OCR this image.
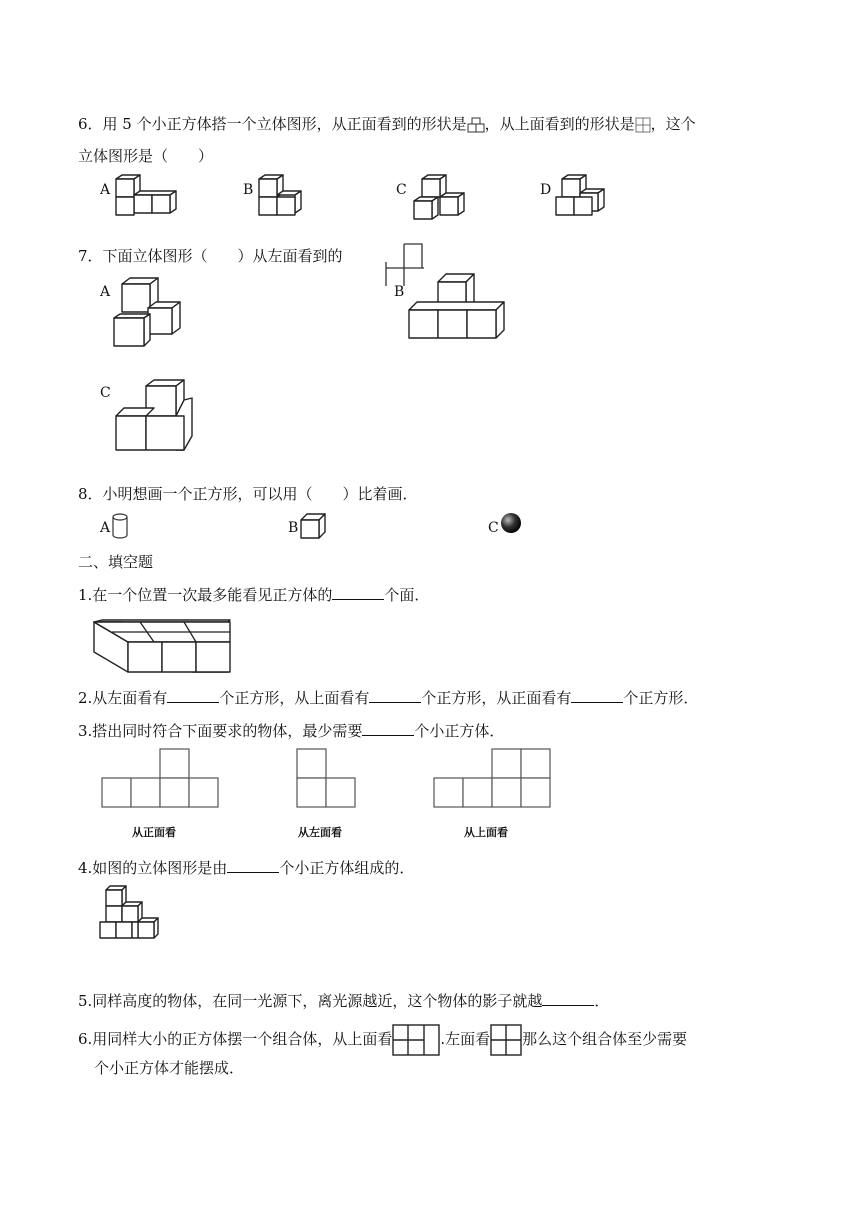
6．用 5 个小正方体搭一个立体图形，从正面看到的形状是 ，从上面看到的形状是 ，这个
立体图形是（　　）
A	B	C	D
7．下面立体图形（　　）从左面看到的
A	B
C
8．小明想画一个正方形，可以用（　　）比着画．
A	B	C
二、填空题
1.在一个位置一次最多能看见正方体的	个面．
2.从左面看有	个正方形，从上面看有	个正方形，从正面看有	个正方形．
3.搭出同时符合下面要求的物体，最少需要	个小正方体．
从正面看	从左面看	从上面看
4.如图的立体图形是由	个小正方体组成的．
5.同样高度的物体，在同一光源下，离光源越近，这个物体的影子就越	．
6.用同样大小的正方体摆一个组合体，从上面看	.左面看 那么这个组合体至少需要
个小正方体才能摆成．
